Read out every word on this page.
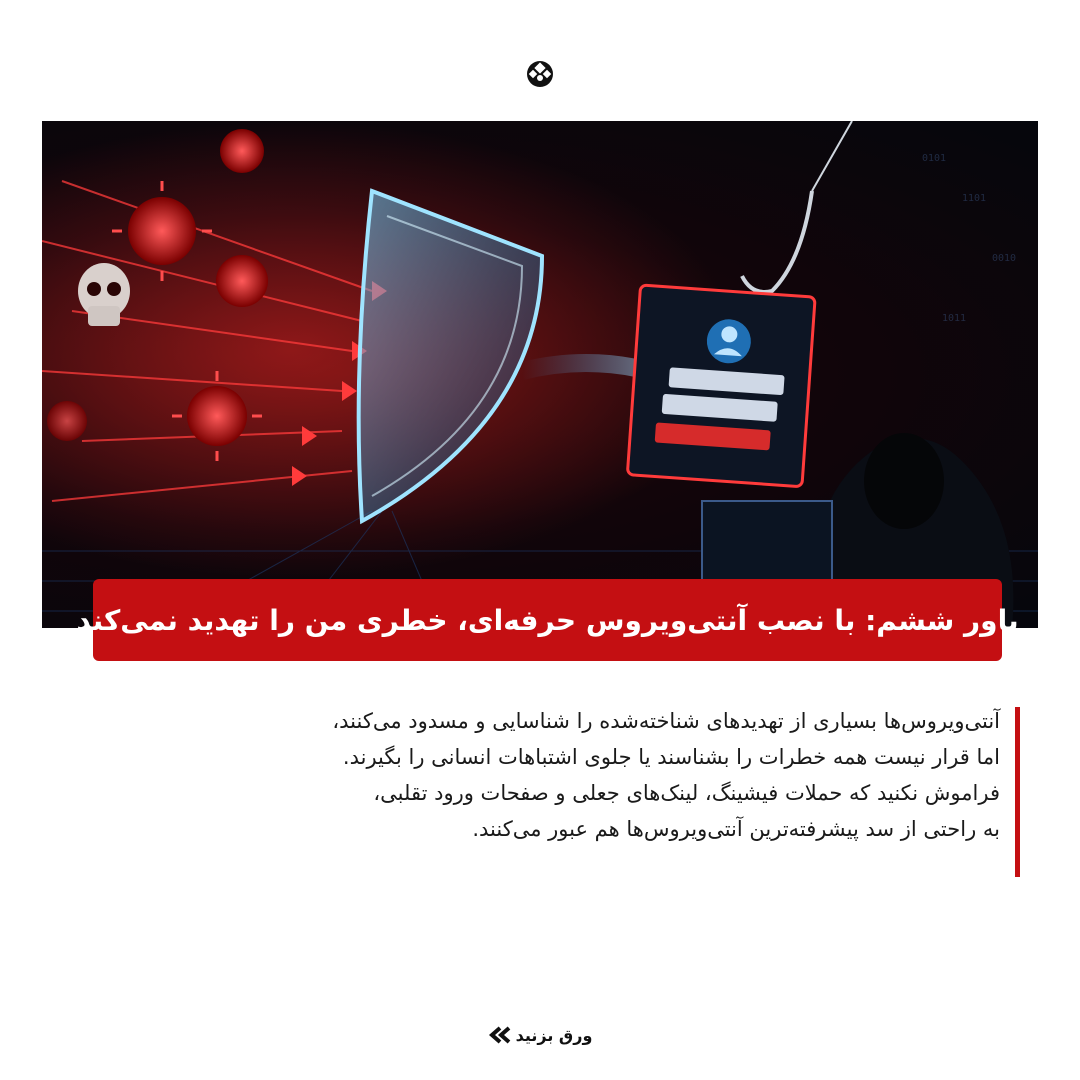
0101
1101
0010
1011
باور ششم: با نصب آنتی‌ویروس حرفه‌ای، خطری من را تهدید نمی‌کند
آنتی‌ویروس‌ها بسیاری از تهدیدهای شناخته‌شده را شناسایی و مسدود می‌کنند،
اما قرار نیست همه خطرات را بشناسند یا جلوی اشتباهات انسانی را بگیرند.
فراموش نکنید که حملات فیشینگ، لینک‌های جعلی و صفحات ورود تقلبی،
به راحتی از سد پیشرفته‌ترین آنتی‌ویروس‌ها هم عبور می‌کنند.
ورق بزنید
